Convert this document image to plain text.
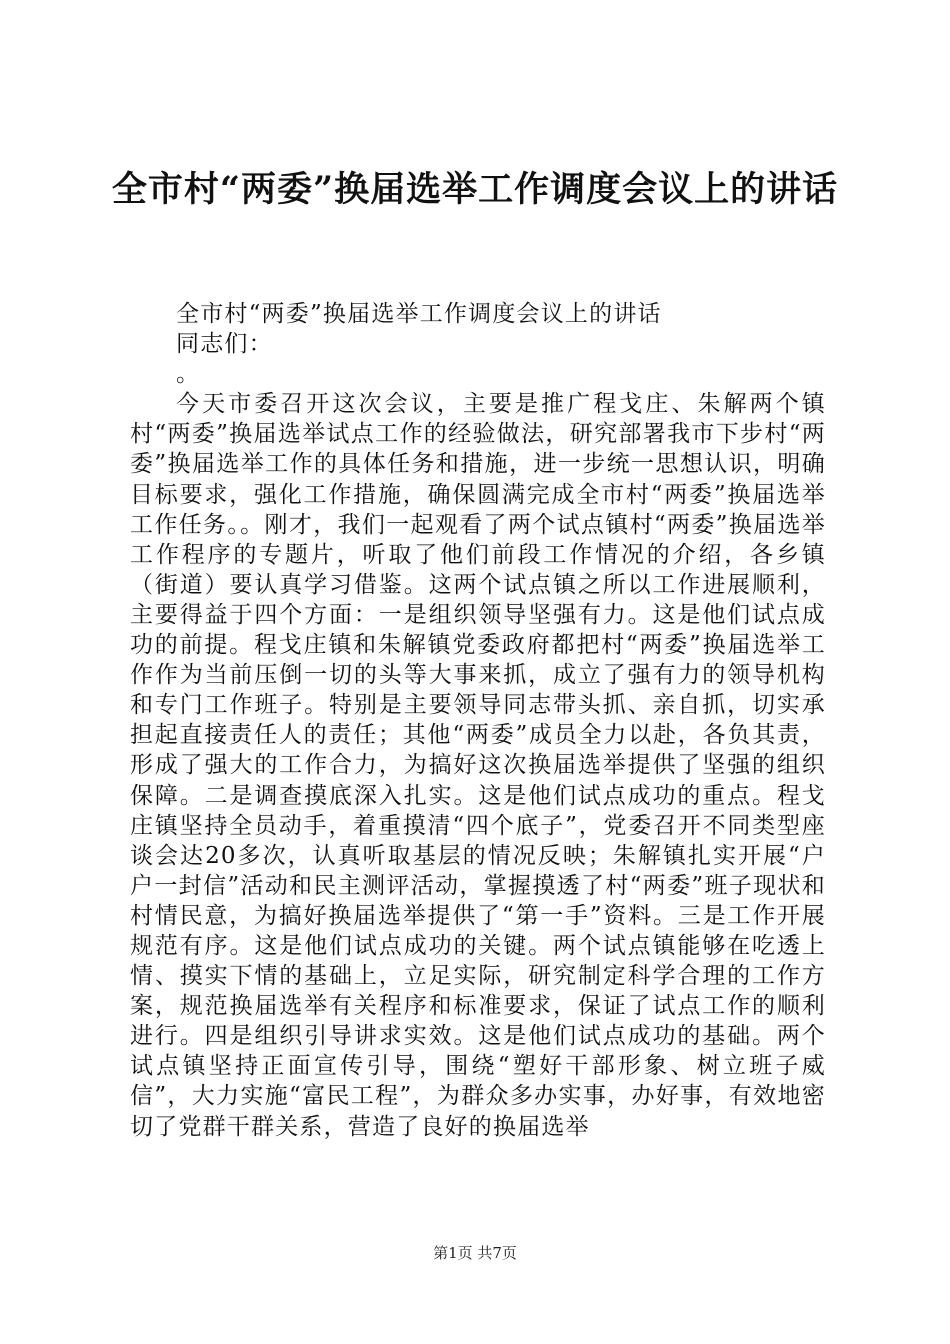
全市村“两委”换届选举工作调度会议上的讲话

全市村“两委”换届选举工作调度会议上的讲话

同志们：

。

今天市委召开这次会议，主要是推广程戈庄、朱解两个镇村“两委”换届选举试点工作的经验做法，研究部署我市下步村“两委”换届选举工作的具体任务和措施，进一步统一思想认识，明确目标要求，强化工作措施，确保圆满完成全市村“两委”换届选举工作任务。。刚才，我们一起观看了两个试点镇村“两委”换届选举工作程序的专题片，听取了他们前段工作情况的介绍，各乡镇（街道）要认真学习借鉴。这两个试点镇之所以工作进展顺利，主要得益于四个方面：一是组织领导坚强有力。这是他们试点成功的前提。程戈庄镇和朱解镇党委政府都把村“两委”换届选举工作作为当前压倒一切的头等大事来抓，成立了强有力的领导机构和专门工作班子。特别是主要领导同志带头抓、亲自抓，切实承担起直接责任人的责任；其他“两委”成员全力以赴，各负其责，形成了强大的工作合力，为搞好这次换届选举提供了坚强的组织保障。二是调查摸底深入扎实。这是他们试点成功的重点。程戈庄镇坚持全员动手，着重摸清“四个底子”，党委召开不同类型座谈会达20多次，认真听取基层的情况反映；朱解镇扎实开展“户户一封信”活动和民主测评活动，掌握摸透了村“两委”班子现状和村情民意，为搞好换届选举提供了“第一手”资料。三是工作开展规范有序。这是他们试点成功的关键。两个试点镇能够在吃透上情、摸实下情的基础上，立足实际，研究制定科学合理的工作方案，规范换届选举有关程序和标准要求，保证了试点工作的顺利进行。四是组织引导讲求实效。这是他们试点成功的基础。两个试点镇坚持正面宣传引导，围绕“塑好干部形象、树立班子威信”，大力实施“富民工程”，为群众多办实事，办好事，有效地密切了党群干群关系，营造了良好的换届选举

第1页 共7页
